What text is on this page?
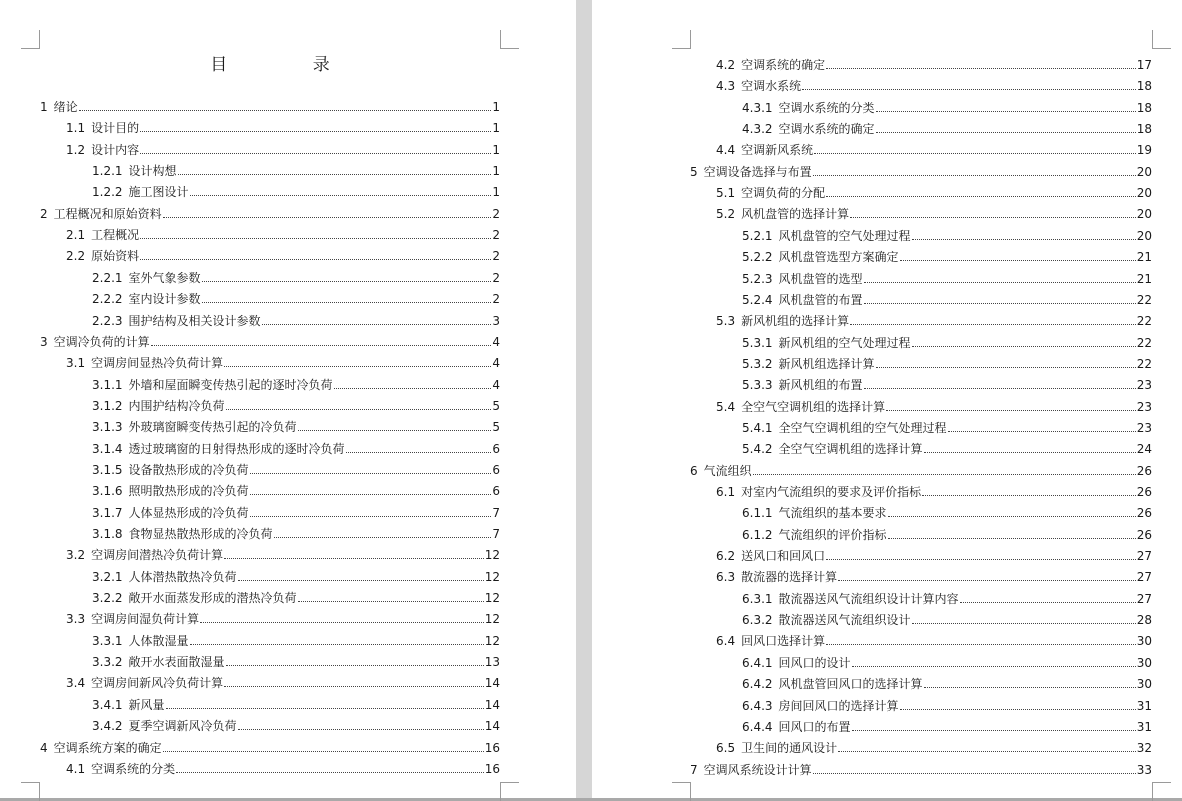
目 录
1 绪论	1
1.1 设计目的	1
1.2 设计内容	1
1.2.1 设计构想	1
1.2.2 施工图设计	1
2 工程概况和原始资料	2
2.1 工程概况	2
2.2 原始资料	2
2.2.1 室外气象参数	2
2.2.2 室内设计参数	2
2.2.3 围护结构及相关设计参数	3
3 空调冷负荷的计算	4
3.1 空调房间显热冷负荷计算	4
3.1.1 外墙和屋面瞬变传热引起的逐时冷负荷	4
3.1.2 内围护结构冷负荷	5
3.1.3 外玻璃窗瞬变传热引起的冷负荷	5
3.1.4 透过玻璃窗的日射得热形成的逐时冷负荷	6
3.1.5 设备散热形成的冷负荷	6
3.1.6 照明散热形成的冷负荷	6
3.1.7 人体显热形成的冷负荷	7
3.1.8 食物显热散热形成的冷负荷	7
3.2 空调房间潜热冷负荷计算	12
3.2.1 人体潜热散热冷负荷	12
3.2.2 敞开水面蒸发形成的潜热冷负荷	12
3.3 空调房间湿负荷计算	12
3.3.1 人体散湿量	12
3.3.2 敞开水表面散湿量	13
3.4 空调房间新风冷负荷计算	14
3.4.1 新风量	14
3.4.2 夏季空调新风冷负荷	14
4 空调系统方案的确定	16
4.1 空调系统的分类	16
4.2 空调系统的确定	17
4.3 空调水系统	18
4.3.1 空调水系统的分类	18
4.3.2 空调水系统的确定	18
4.4 空调新风系统	19
5 空调设备选择与布置	20
5.1 空调负荷的分配	20
5.2 风机盘管的选择计算	20
5.2.1 风机盘管的空气处理过程	20
5.2.2 风机盘管选型方案确定	21
5.2.3 风机盘管的选型	21
5.2.4 风机盘管的布置	22
5.3 新风机组的选择计算	22
5.3.1 新风机组的空气处理过程	22
5.3.2 新风机组选择计算	22
5.3.3 新风机组的布置	23
5.4 全空气空调机组的选择计算	23
5.4.1 全空气空调机组的空气处理过程	23
5.4.2 全空气空调机组的选择计算	24
6 气流组织	26
6.1 对室内气流组织的要求及评价指标	26
6.1.1 气流组织的基本要求	26
6.1.2 气流组织的评价指标	26
6.2 送风口和回风口	27
6.3 散流器的选择计算	27
6.3.1 散流器送风气流组织设计计算内容	27
6.3.2 散流器送风气流组织设计	28
6.4 回风口选择计算	30
6.4.1 回风口的设计	30
6.4.2 风机盘管回风口的选择计算	30
6.4.3 房间回风口的选择计算	31
6.4.4 回风口的布置	31
6.5 卫生间的通风设计	32
7 空调风系统设计计算	33
